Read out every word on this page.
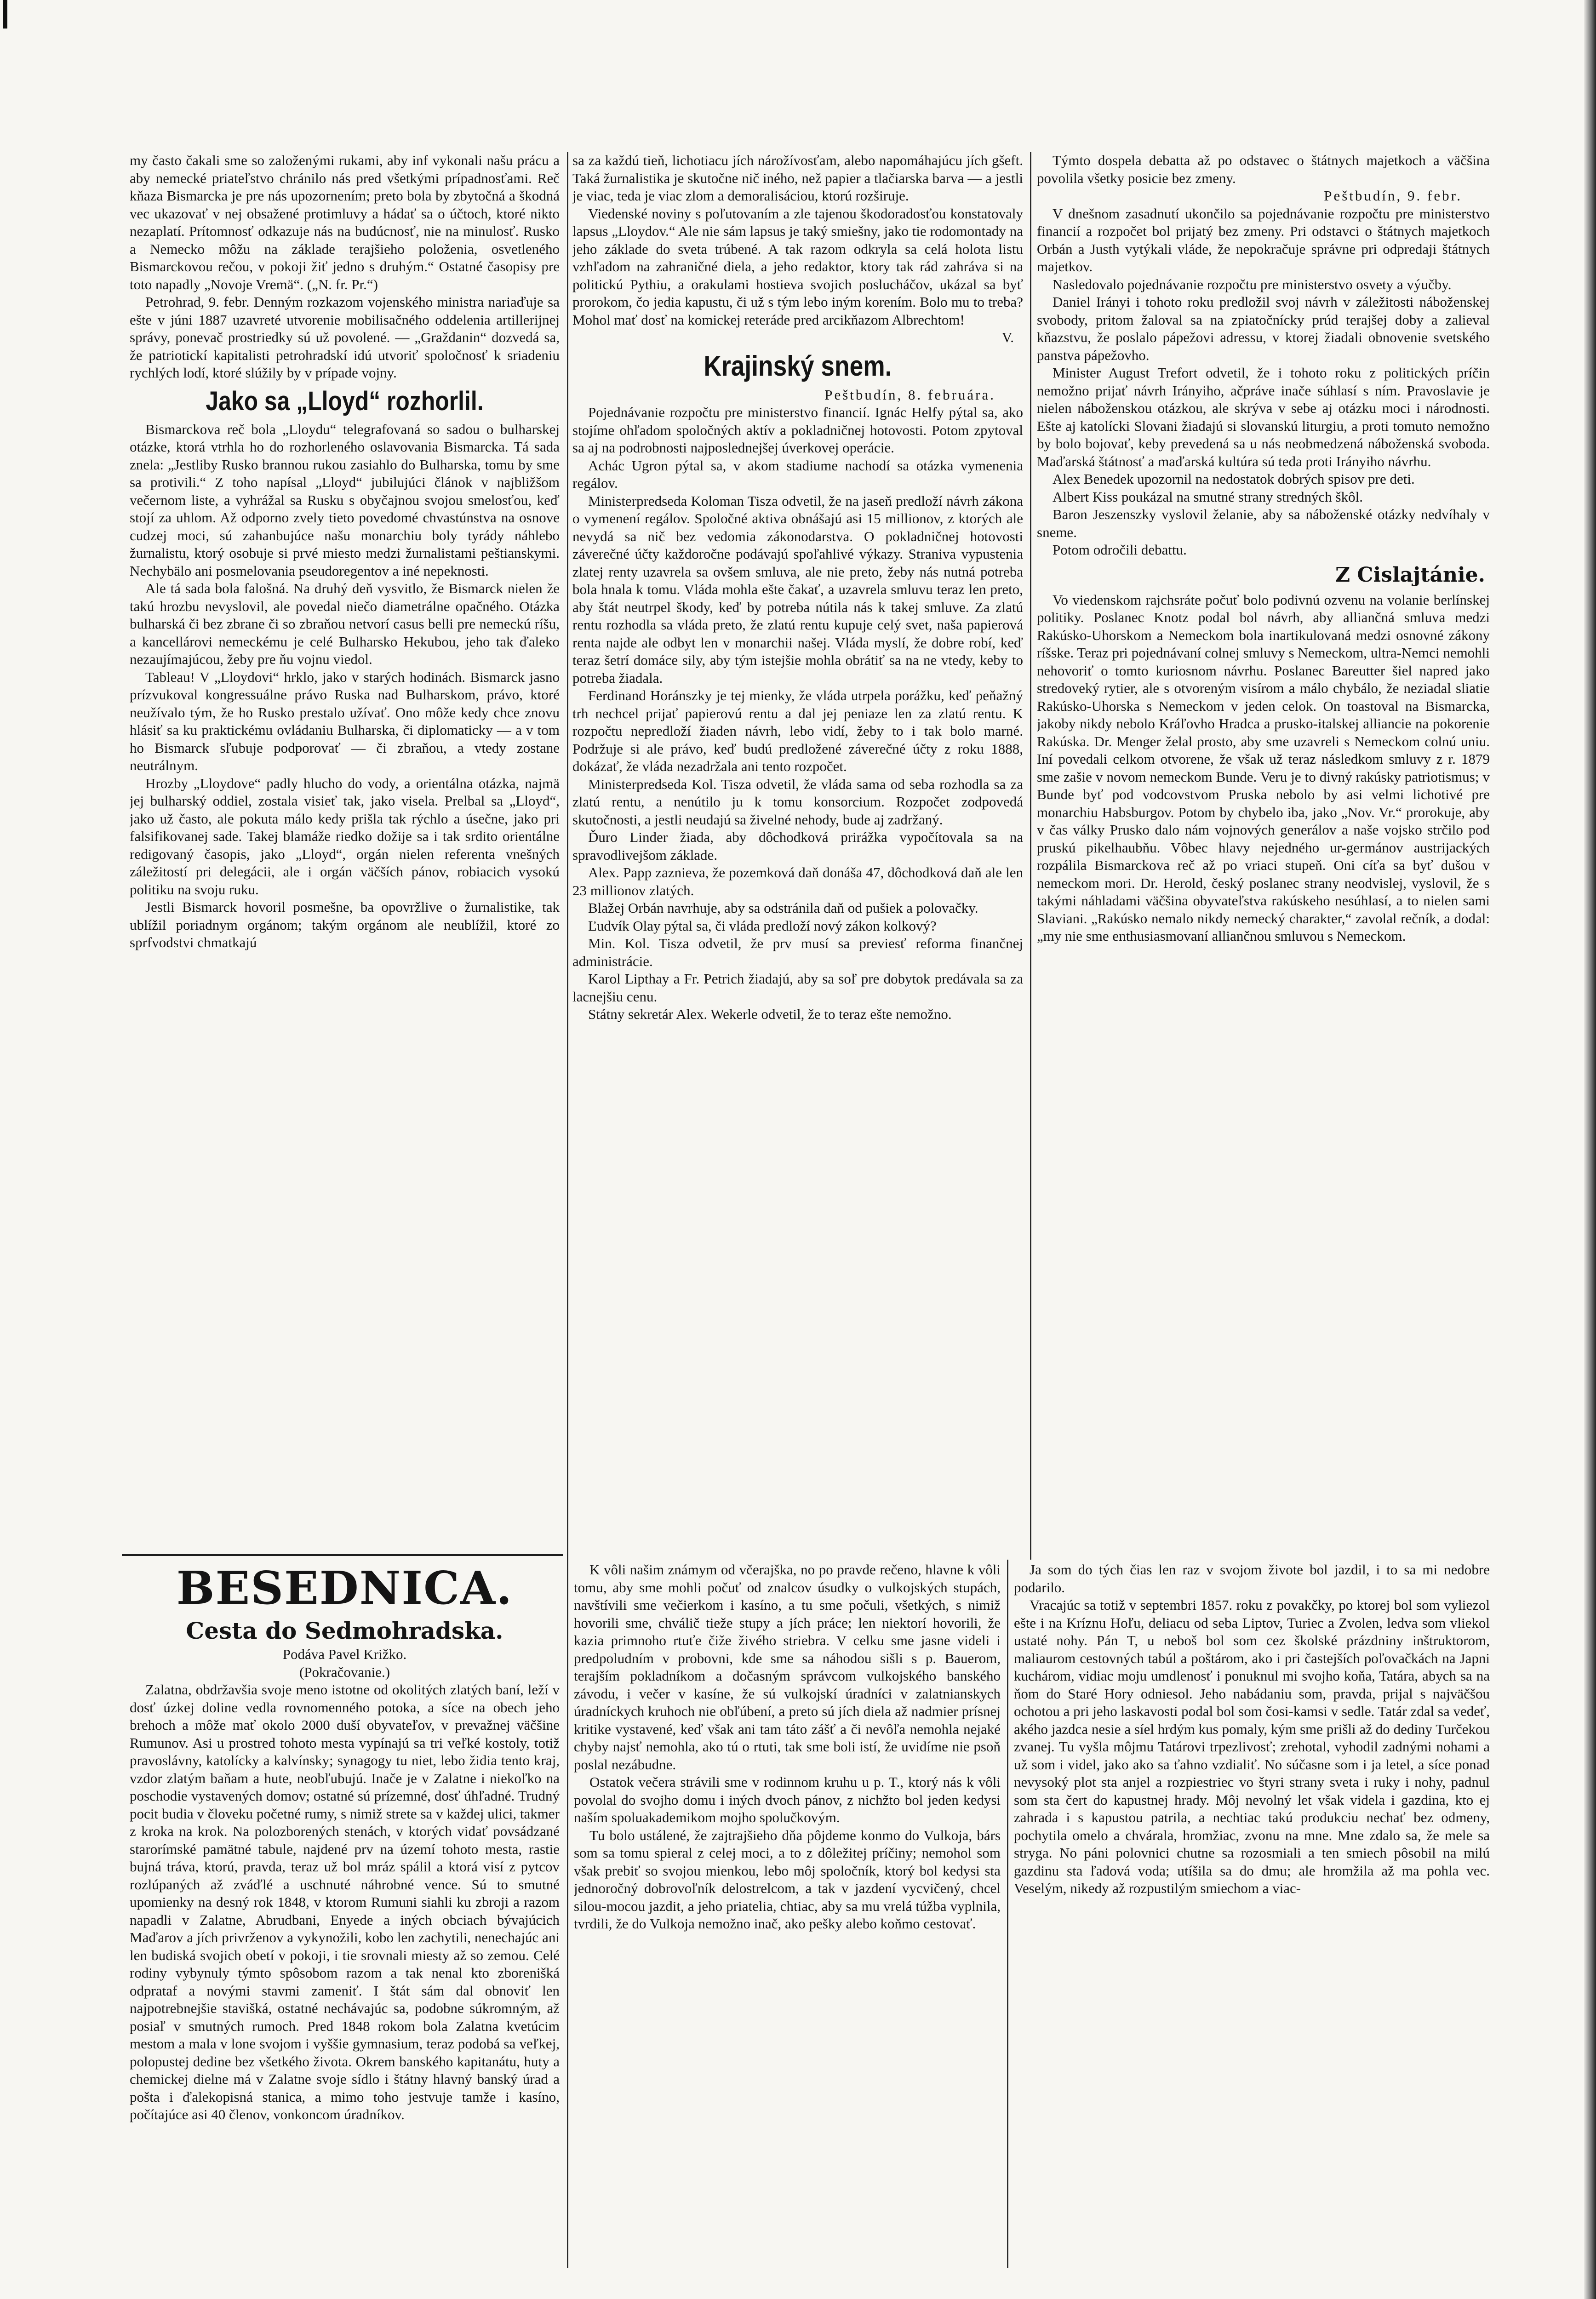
my často čakali sme so založenými rukami, aby inf vykonali našu prácu a aby nemecké priateľstvo chránilo nás pred všetkými prípadnosťami. Reč kňaza Bismarcka je pre nás upozornením; preto bola by zbytočná a škodná vec ukazovať v nej obsažené protimluvy a hádať sa o účtoch, ktoré nikto nezaplatí. Prítomnosť odkazuje nás na budúcnosť, nie na minulosť. Rusko a Nemecko môžu na základe terajšieho položenia, osvetleného Bismarckovou rečou, v pokoji žiť jedno s druhým.“ Ostatné časopisy pre toto napadly „Novoje Vremä“. („N. fr. Pr.“)

Petrohrad, 9. febr. Denným rozkazom vojenského ministra nariaďuje sa ešte v júni 1887 uzavreté utvorenie mobilisačného oddelenia artillerijnej správy, ponevač prostriedky sú už povolené. — „Graždanin“ dozvedá sa, že patriotickí kapitalisti petrohradskí idú utvoriť spoločnosť k sriadeniu rychlých lodí, ktoré slúžily by v prípade vojny.

Jako sa „Lloyd“ rozhorlil.

Bismarckova reč bola „Lloydu“ telegrafovaná so sadou o bulharskej otázke, ktorá vtrhla ho do rozhorleného oslavovania Bismarcka. Tá sada znela: „Jestliby Rusko brannou rukou zasiahlo do Bulharska, tomu by sme sa protivili.“ Z toho napísal „Lloyd“ jubilujúci článok v najbližšom večernom liste, a vyhrážal sa Rusku s obyčajnou svojou smelosťou, keď stojí za uhlom. Až odporno zvely tieto povedomé chvastúnstva na osnove cudzej moci, sú zahanbujúce našu monarchiu boly tyrády náhlebo žurnalistu, ktorý osobuje si prvé miesto medzi žurnalistami peštianskymi. Nechybälo ani posmelovania pseudoregentov a iné nepeknosti.

Ale tá sada bola falošná. Na druhý deň vysvitlo, že Bismarck nielen že takú hrozbu nevyslovil, ale povedal niečo diametrálne opačného. Otázka bulharská či bez zbrane či so zbraňou netvorí casus belli pre nemeckú ríšu, a kancellárovi nemeckému je celé Bulharsko Hekubou, jeho tak ďaleko nezaujímajúcou, žeby pre ňu vojnu viedol.

Tableau! V „Lloydovi“ hrklo, jako v starých hodinách. Bismarck jasno prízvukoval kongressuálne právo Ruska nad Bulharskom, právo, ktoré neužívalo tým, že ho Rusko prestalo užívať. Ono môže kedy chce znovu hlásiť sa ku praktickému ovládaniu Bulharska, či diplomaticky — a v tom ho Bismarck sľubuje podporovať — či zbraňou, a vtedy zostane neutrálnym.

Hrozby „Lloydove“ padly hlucho do vody, a orientálna otázka, najmä jej bulharský oddiel, zostala visieť tak, jako visela. Prelbal sa „Lloyd“, jako už často, ale pokuta málo kedy prišla tak rýchlo a úsečne, jako pri falsifikovanej sade. Takej blamáže riedko dožije sa i tak srdito orientálne redigovaný časopis, jako „Lloyd“, orgán nielen referenta vnešných záležitostí pri delegácii, ale i orgán väčších pánov, robiacich vysokú politiku na svoju ruku.

Jestli Bismarck hovoril posmešne, ba opovržlive o žurnalistike, tak ublížil poriadnym orgánom; takým orgánom ale neublížil, ktoré zo sprfvodstvi chmatkajú

sa za každú tieň, lichotiacu jích nárožívosťam, alebo napomáhajúcu jích gšeft. Taká žurnalistika je skutočne nič iného, než papier a tlačiarska barva — a jestli je viac, teda je viac zlom a demoralisáciou, ktorú rozširuje.

Viedenské noviny s poľutovaním a zle tajenou škodoradosťou konstatovaly lapsus „Lloydov.“ Ale nie sám lapsus je taký smiešny, jako tie rodomontady na jeho základe do sveta trúbené. A tak razom odkryla sa celá holota listu vzhľadom na zahraničné diela, a jeho redaktor, ktory tak rád zahráva si na politickú Pythiu, a orakulami hostieva svojich poslucháčov, ukázal sa byť prorokom, čo jedia kapustu, či už s tým lebo iným korením. Bolo mu to treba? Mohol mať dosť na komickej reteráde pred arcikňazom Albrechtom!

V.

Krajinský snem.

Peštbudín, 8. februára.

Pojednávanie rozpočtu pre ministerstvo financií. Ignác Helfy pýtal sa, ako stojíme ohľadom spoločných aktív a pokladničnej hotovosti. Potom zpytoval sa aj na podrobnosti najposlednejšej úverkovej operácie.

Achác Ugron pýtal sa, v akom stadiume nachodí sa otázka vymenenia regálov.

Ministerpredseda Koloman Tisza odvetil, že na jaseň predloží návrh zákona o vymenení regálov. Spoločné aktiva obnášajú asi 15 millionov, z ktorých ale nevydá sa nič bez vedomia zákonodarstva. O pokladničnej hotovosti záverečné účty každoročne podávajú spoľahlivé výkazy. Straniva vypustenia zlatej renty uzavrela sa ovšem smluva, ale nie preto, žeby nás nutná potreba bola hnala k tomu. Vláda mohla ešte čakať, a uzavrela smluvu teraz len preto, aby štát neutrpel škody, keď by potreba nútila nás k takej smluve. Za zlatú rentu rozhodla sa vláda preto, že zlatú rentu kupuje celý svet, naša papierová renta najde ale odbyt len v monarchii našej. Vláda myslí, že dobre robí, keď teraz šetrí domáce sily, aby tým istejšie mohla obrátiť sa na ne vtedy, keby to potreba žiadala.

Ferdinand Horánszky je tej mienky, že vláda utrpela porážku, keď peňažný trh nechcel prijať papierovú rentu a dal jej peniaze len za zlatú rentu. K rozpočtu nepredloží žiaden návrh, lebo vidí, žeby to i tak bolo marné. Podržuje si ale právo, keď budú predložené záverečné účty z roku 1888, dokázať, že vláda nezadržala ani tento rozpočet.

Ministerpredseda Kol. Tisza odvetil, že vláda sama od seba rozhodla sa za zlatú rentu, a nenútilo ju k tomu konsorcium. Rozpočet zodpovedá skutočnosti, a jestli neudajú sa živelné nehody, bude aj zadržaný.

Ďuro Linder žiada, aby dôchodková prirážka vypočítovala sa na spravodlivejšom základe.

Alex. Papp zaznieva, že pozemková daň donáša 47, dôchodková daň ale len 23 millionov zlatých.

Blažej Orbán navrhuje, aby sa odstránila daň od pušiek a polovačky.

Ľudvík Olay pýtal sa, či vláda predloží nový zákon kolkový?

Min. Kol. Tisza odvetil, že prv musí sa previesť reforma finančnej administrácie.

Karol Lipthay a Fr. Petrich žiadajú, aby sa soľ pre dobytok predávala sa za lacnejšiu cenu.

Státny sekretár Alex. Wekerle odvetil, že to teraz ešte nemožno.

Týmto dospela debatta až po odstavec o štátnych majetkoch a väčšina povolila všetky posicie bez zmeny.

Peštbudín, 9. febr.

V dnešnom zasadnutí ukončilo sa pojednávanie rozpočtu pre ministerstvo financií a rozpočet bol prijatý bez zmeny. Pri odstavci o štátnych majetkoch Orbán a Justh vytýkali vláde, že nepokračuje správne pri odpredaji štátnych majetkov.

Nasledovalo pojednávanie rozpočtu pre ministerstvo osvety a výučby.

Daniel Irányi i tohoto roku predložil svoj návrh v záležitosti náboženskej svobody, pritom žaloval sa na zpiatočnícky prúd terajšej doby a zalieval kňazstvu, že poslalo pápežovi adressu, v ktorej žiadali obnovenie svetského panstva pápežovho.

Minister August Trefort odvetil, že i tohoto roku z politických príčin nemožno prijať návrh Irányiho, ačpráve inače súhlasí s ním. Pravoslavie je nielen náboženskou otázkou, ale skrýva v sebe aj otázku moci i národnosti. Ešte aj katolícki Slovani žiadajú si slovanskú liturgiu, a proti tomuto nemožno by bolo bojovať, keby prevedená sa u nás neobmedzená náboženská svoboda. Maďarská štátnosť a maďarská kultúra sú teda proti Irányiho návrhu.

Alex Benedek upozornil na nedostatok dobrých spisov pre deti.

Albert Kiss poukázal na smutné strany stredných škôl.

Baron Jeszenszky vyslovil želanie, aby sa náboženské otázky nedvíhaly v sneme.

Potom odročili debattu.

Z Cislajtánie.

Vo viedenskom rajchsráte počuť bolo podivnú ozvenu na volanie berlínskej politiky. Poslanec Knotz podal bol návrh, aby alliančná smluva medzi Rakúsko-Uhorskom a Nemeckom bola inartikulovaná medzi osnovné zákony ríšske. Teraz pri pojednávaní colnej smluvy s Nemeckom, ultra-Nemci nemohli nehovoriť o tomto kuriosnom návrhu. Poslanec Bareutter šiel napred jako stredoveký rytier, ale s otvoreným visírom a málo chybálo, že neziadal sliatie Rakúsko-Uhorska s Nemeckom v jeden celok. On toastoval na Bismarcka, jakoby nikdy nebolo Kráľovho Hradca a prusko-italskej alliancie na pokorenie Rakúska. Dr. Menger želal prosto, aby sme uzavreli s Nemeckom colnú uniu. Iní povedali celkom otvorene, že však už teraz následkom smluvy z r. 1879 sme zašie v novom nemeckom Bunde. Veru je to divný rakúsky patriotismus; v Bunde byť pod vodcovstvom Pruska nebolo by asi velmi lichotivé pre monarchiu Habsburgov. Potom by chybelo iba, jako „Nov. Vr.“ prorokuje, aby v čas války Prusko dalo nám vojnových generálov a naše vojsko strčilo pod pruskú pikelhaubňu. Vôbec hlavy nejedného ur-germánov austrijackých rozpálila Bismarckova reč až po vriaci stupeň. Oni cíťa sa byť dušou v nemeckom mori. Dr. Herold, český poslanec strany neodvislej, vyslovil, že s takými náhladami väčšina obyvateľstva rakúskeho nesúhlasí, a to nielen sami Slaviani. „Rakúsko nemalo nikdy nemecký charakter,“ zavolal rečník, a dodal: „my nie sme enthusiasmovaní alliančnou smluvou s Nemeckom.

BESEDNICA.
Cesta do Sedmohradska.

Podáva Pavel Križko.

(Pokračovanie.)

Zalatna, obdržavšia svoje meno istotne od okolitých zlatých baní, leží v dosť úzkej doline vedla rovnomenného potoka, a síce na obech jeho brehoch a môže mať okolo 2000 duší obyvateľov, v prevažnej väčšine Rumunov. Asi u prostred tohoto mesta vypínajú sa tri veľké kostoly, totiž pravoslávny, katolícky a kalvínsky; synagogy tu niet, lebo židia tento kraj, vzdor zlatým baňam a hute, neobľubujú. Inače je v Zalatne i niekoľko na poschodie vystavených domov; ostatné sú prízemné, dosť úhľadné. Trudný pocit budia v človeku početné rumy, s nimiž strete sa v každej ulici, takmer z kroka na krok. Na polozborených stenách, v ktorých vidať povsádzané starorímské pamätné tabule, najdené prv na území tohoto mesta, rastie bujná tráva, ktorú, pravda, teraz už bol mráz spálil a ktorá visí z pytcov rozlúpaných až zváďlé a uschnuté náhrobné vence. Sú to smutné upomienky na desný rok 1848, v ktorom Rumuni siahli ku zbroji a razom napadli v Zalatne, Abrudbani, Enyede a iných obciach bývajúcich Maďarov a jích privrženov a vykynožili, kobo len zachytili, nenechajúc ani len budiská svojich obetí v pokoji, i tie srovnali miesty až so zemou. Celé rodiny vybynuly týmto spôsobom razom a tak nenal kto zborenišká odprataf a novými stavmi zameniť. I štát sám dal obnoviť len najpotrebnejšie stavišká, ostatné nechávajúc sa, podobne súkromným, až posiaľ v smutných rumoch. Pred 1848 rokom bola Zalatna kvetúcim mestom a mala v lone svojom i vyššie gymnasium, teraz podobá sa veľkej, polopustej dedine bez všetkého života. Okrem banského kapitanátu, huty a chemickej dielne má v Zalatne svoje sídlo i štátny hlavný banský úrad a pošta i ďalekopisná stanica, a mimo toho jestvuje tamže i kasíno, počítajúce asi 40 členov, vonkoncom úradníkov.

K vôli našim známym od včerajška, no po pravde rečeno, hlavne k vôli tomu, aby sme mohli počuť od znalcov úsudky o vulkojských stupách, navštívili sme večierkom i kasíno, a tu sme počuli, všetkých, s nimiž hovorili sme, chválič tieže stupy a jích práce; len niektorí hovorili, že kazia primnoho rtuťe čiže živého striebra. V celku sme jasne videli i predpoludním v probovni, kde sme sa náhodou sišli s p. Bauerom, terajším pokladníkom a dočasným správcom vulkojského banského závodu, i večer v kasíne, že sú vulkojskí úradníci v zalatnianskych úradníckych kruhoch nie obľúbení, a preto sú jích diela až nadmier prísnej kritike vystavené, keď však ani tam táto zášť a či nevôľa nemohla nejaké chyby najsť nemohla, ako tú o rtuti, tak sme boli istí, že uvidíme nie psoň poslal nezábudne.

Ostatok večera strávili sme v rodinnom kruhu u p. T., ktorý nás k vôli povolal do svojho domu i iných dvoch pánov, z nichžto bol jeden kedysi naším spoluakademikom mojho spolučkovým.

Tu bolo ustálené, že zajtrajšieho dňa pôjdeme konmo do Vulkoja, bárs som sa tomu spieral z celej moci, a to z dôležitej príčiny; nemohol som však prebiť so svojou mienkou, lebo môj spoločník, ktorý bol kedysi sta jednoročný dobrovoľník delostrelcom, a tak v jazdení vycvičený, chcel silou-mocou jazdit, a jeho priatelia, chtiac, aby sa mu vrelá túžba vyplnila, tvrdili, že do Vulkoja nemožno inač, ako pešky alebo koňmo cestovať.

Ja som do tých čias len raz v svojom živote bol jazdil, i to sa mi nedobre podarilo.

Vracajúc sa totiž v septembri 1857. roku z povakčky, po ktorej bol som vyliezol ešte i na Kríznu Hoľu, deliacu od seba Liptov, Turiec a Zvolen, ledva som vliekol ustaté nohy. Pán T, u neboš bol som cez školské prázdniny inštruktorom, maliaurom cestovných tabúl a poštárom, ako i pri častejších poľovačkách na Japni kuchárom, vidiac moju umdlenosť i ponuknul mi svojho koňa, Tatára, abych sa na ňom do Staré Hory odniesol. Jeho nabádaniu som, pravda, prijal s najväčšou ochotou a pri jeho laskavosti podal bol som čosi-kamsi v sedle. Tatár zdal sa vedeť, akého jazdca nesie a síel hrdým kus pomaly, kým sme prišli až do dediny Turčekou zvanej. Tu vyšla môjmu Tatárovi trpezlivosť; zrehotal, vyhodil zadnými nohami a už som i videl, jako ako sa ťahno vzdialiť. No súčasne som i ja letel, a síce ponad nevysoký plot sta anjel a rozpiestriec vo štyri strany sveta i ruky i nohy, padnul som sta čert do kapustnej hrady. Môj nevolný let však videla i gazdina, kto ej zahrada i s kapustou patrila, a nechtiac takú produkciu nechať bez odmeny, pochytila omelo a chvárala, hromžiac, zvonu na mne. Mne zdalo sa, že mele sa stryga. No páni polovnici chutne sa rozosmiali a ten smiech pôsobil na milú gazdinu sta ľadová voda; utíšila sa do dmu; ale hromžila až ma pohla vec. Veselým, nikedy až rozpustilým smiechom a viac-
